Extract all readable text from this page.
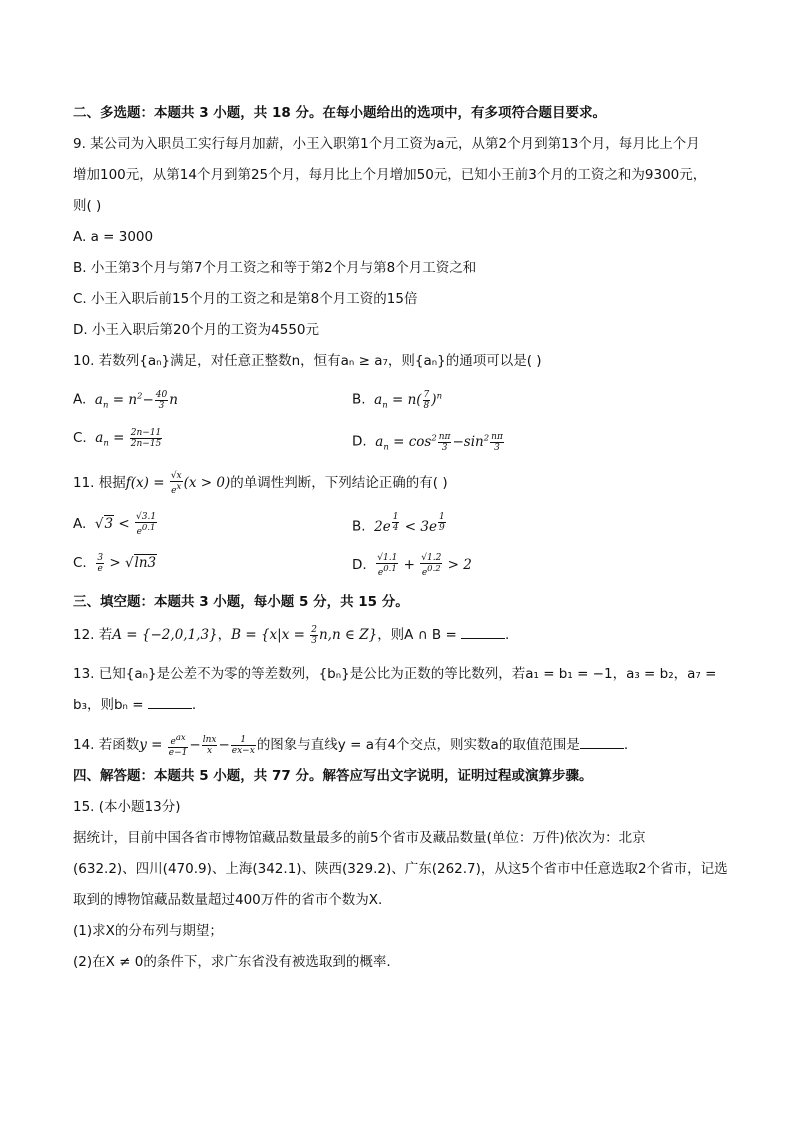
二、多选题：本题共 3 小题，共 18 分。在每小题给出的选项中，有多项符合题目要求。
9. 某公司为入职员工实行每月加薪，小王入职第1个月工资为a元，从第2个月到第13个月，每月比上个月
增加100元，从第14个月到第25个月，每月比上个月增加50元，已知小王前3个月的工资之和为9300元，
则( )
A. a = 3000
B. 小王第3个月与第7个月工资之和等于第2个月与第8个月工资之和
C. 小王入职后前15个月的工资之和是第8个月工资的15倍
D. 小王入职后第20个月的工资为4550元
10. 若数列{aₙ}满足，对任意正整数n，恒有aₙ ≥ a₇，则{aₙ}的通项可以是( )
A.  $a_n = n^2- \frac{40}{3}$ n	B.  $a_n = n( \frac{7}{8} )^n$
C.  $a_n = \frac{2n-11}{2n-15}$	D.  $a_n = \cos^2 \frac{n\pi}{3} -\sin^2 \frac{n\pi}{3}$
11. 根据$f(x) = \frac{√x}{e^x} (x > 0)$的单调性判断，下列结论正确的有( )
A.  $√3 < \frac{√3.1}{e^{0.1}}$	B.  2e $^{\frac{1}{4}}$ < 3e $^{\frac{1}{9}}$
C. $\frac{3}{e} > √\ln 3$	D. $\frac{√1.1}{e^{0.1}} + \frac{√1.2}{e^{0.2}} > 2$
三、填空题：本题共 3 小题，每小题 5 分，共 15 分。
12. 若A = {−2,0,1,3}，$B = \{x|x = \frac{2}{3} n,n$ ∈ Z}，则A ∩ B =	.
13. 已知{aₙ}是公差不为零的等差数列，{bₙ}是公比为正数的等比数列，若a₁ = b₁ = −1，a₃ = b₂，a₇ =
b₃，则bₙ =	.
14. 若函数$y = \frac{e^{ax}}{e-1} - \frac{\ln x}{x} - \frac{1}{ex-x}$ 的图象与直线y = a有4个交点，则实数a的取值范围是	.
四、解答题：本题共 5 小题，共 77 分。解答应写出文字说明，证明过程或演算步骤。
15. (本小题13分)
据统计，目前中国各省市博物馆藏品数量最多的前5个省市及藏品数量(单位：万件)依次为：北京
(632.2)、四川(470.9)、上海(342.1)、陕西(329.2)、广东(262.7)，从这5个省市中任意选取2个省市，记选
取到的博物馆藏品数量超过400万件的省市个数为X.
(1)求X的分布列与期望；
(2)在X ≠ 0的条件下，求广东省没有被选取到的概率.
